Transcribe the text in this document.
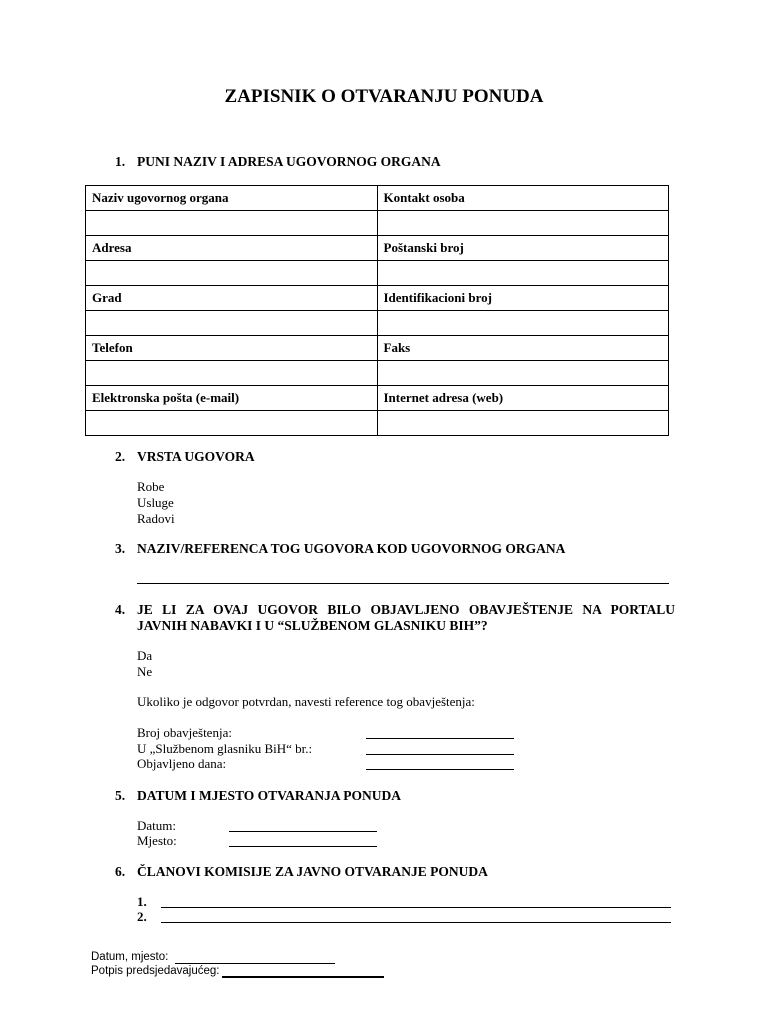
ZAPISNIK O OTVARANJU PONUDA
1. PUNI NAZIV I ADRESA UGOVORNOG ORGANA
Naziv ugovornog organa	Kontakt osoba

Adresa	Poštanski broj

Grad	Identifikacioni broj

Telefon	Faks

Elektronska pošta (e-mail)	Internet adresa (web)

2. VRSTA UGOVORA
Robe
Usluge
Radovi
3. NAZIV/REFERENCA TOG UGOVORA KOD UGOVORNOG ORGANA
4. JE LI ZA OVAJ UGOVOR BILO OBJAVLJENO OBAVJEŠTENJE NA PORTALU
JAVNIH NABAVKI I U “SLUŽBENOM GLASNIKU BIH”?
Da
Ne
Ukoliko je odgovor potvrdan, navesti reference tog obavještenja:
Broj obavještenja:
U „Službenom glasniku BiH“ br.:
Objavljeno dana:
5. DATUM I MJESTO OTVARANJA PONUDA
Datum:
Mjesto:
6. ČLANOVI KOMISIJE ZA JAVNO OTVARANJE PONUDA
1.
2.
Datum, mjesto:
Potpis predsjedavajućeg:
